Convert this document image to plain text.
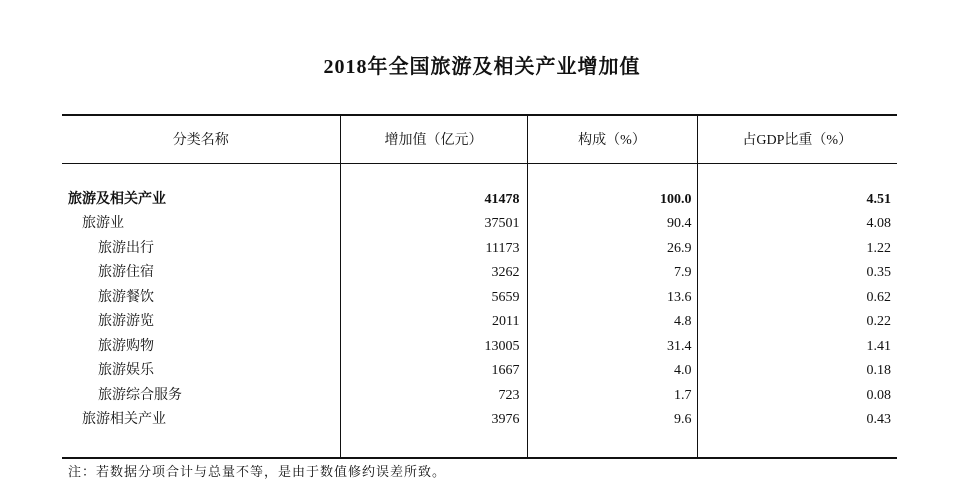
2018年全国旅游及相关产业增加值
分类名称	增加值（亿元）	构成（%）	占GDP比重（%）

旅游及相关产业	41478	100.0	4.51
旅游业	37501	90.4	4.08
旅游出行	11173	26.9	1.22
旅游住宿	3262	7.9	0.35
旅游餐饮	5659	13.6	0.62
旅游游览	2011	4.8	0.22
旅游购物	13005	31.4	1.41
旅游娱乐	1667	4.0	0.18
旅游综合服务	723	1.7	0.08
旅游相关产业	3976	9.6	0.43

注：若数据分项合计与总量不等，是由于数值修约误差所致。
